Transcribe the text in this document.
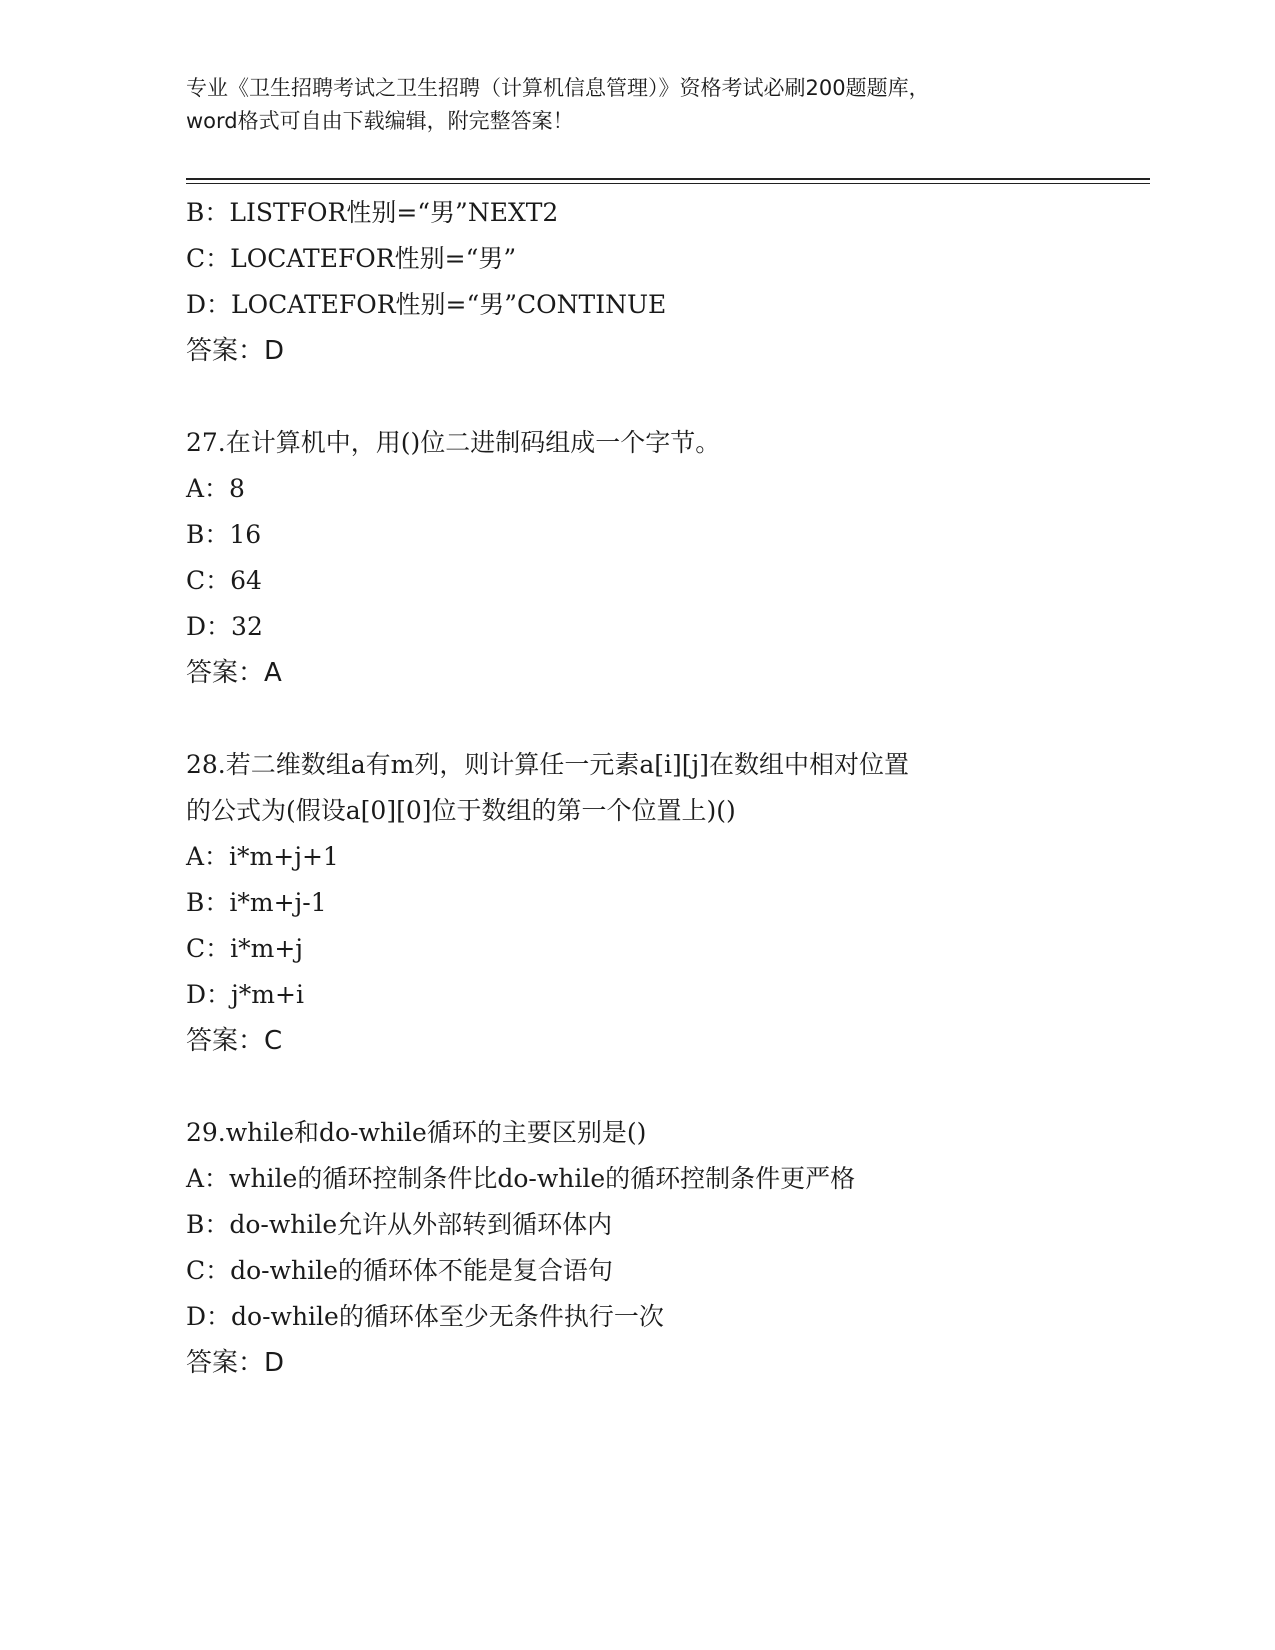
专业《卫生招聘考试之卫生招聘（计算机信息管理）》资格考试必刷200题题库，
word格式可自由下载编辑，附完整答案！
B：LISTFOR性别=“男”NEXT2
C：LOCATEFOR性别=“男”
D：LOCATEFOR性别=“男”CONTINUE
答案：D
27.在计算机中，用()位二进制码组成一个字节。
A：8
B：16
C：64
D：32
答案：A
28.若二维数组a有m列，则计算任一元素a[i][j]在数组中相对位置
的公式为(假设a[0][0]位于数组的第一个位置上)()
A：i*m+j+1
B：i*m+j-1
C：i*m+j
D：j*m+i
答案：C
29.while和do-while循环的主要区别是()
A：while的循环控制条件比do-while的循环控制条件更严格
B：do-while允许从外部转到循环体内
C：do-while的循环体不能是复合语句
D：do-while的循环体至少无条件执行一次
答案：D
